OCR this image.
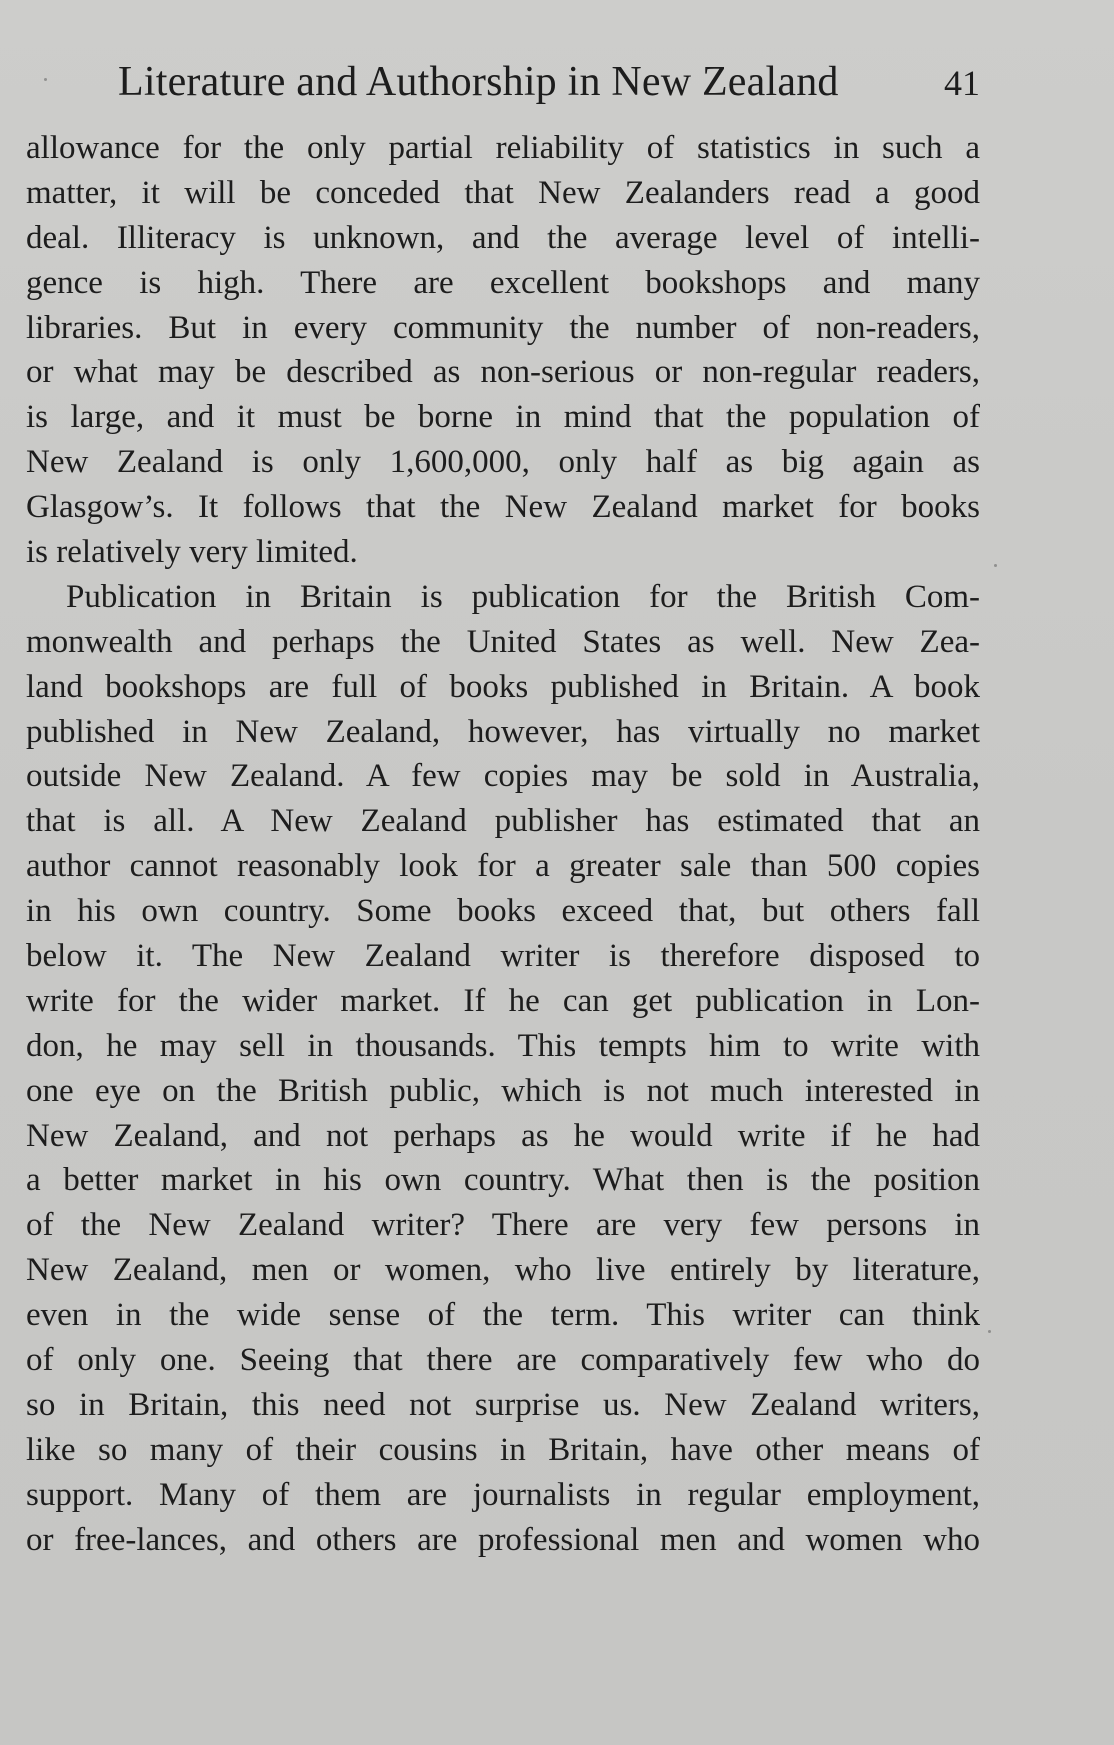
Literature and Authorship in New Zealand	41
allowance for the only partial reliability of statistics in such a
matter, it will be conceded that New Zealanders read a good
deal. Illiteracy is unknown, and the average level of intelli-
gence is high. There are excellent bookshops and many
libraries. But in every community the number of non-readers,
or what may be described as non-serious or non-regular readers,
is large, and it must be borne in mind that the population of
New Zealand is only 1,600,000, only half as big again as
Glasgow’s. It follows that the New Zealand market for books
is relatively very limited.
Publication in Britain is publication for the British Com-
monwealth and perhaps the United States as well. New Zea-
land bookshops are full of books published in Britain. A book
published in New Zealand, however, has virtually no market
outside New Zealand. A few copies may be sold in Australia,
that is all. A New Zealand publisher has estimated that an
author cannot reasonably look for a greater sale than 500 copies
in his own country. Some books exceed that, but others fall
below it. The New Zealand writer is therefore disposed to
write for the wider market. If he can get publication in Lon-
don, he may sell in thousands. This tempts him to write with
one eye on the British public, which is not much interested in
New Zealand, and not perhaps as he would write if he had
a better market in his own country. What then is the position
of the New Zealand writer? There are very few persons in
New Zealand, men or women, who live entirely by literature,
even in the wide sense of the term. This writer can think
of only one. Seeing that there are comparatively few who do
so in Britain, this need not surprise us. New Zealand writers,
like so many of their cousins in Britain, have other means of
support. Many of them are journalists in regular employment,
or free-lances, and others are professional men and women who
